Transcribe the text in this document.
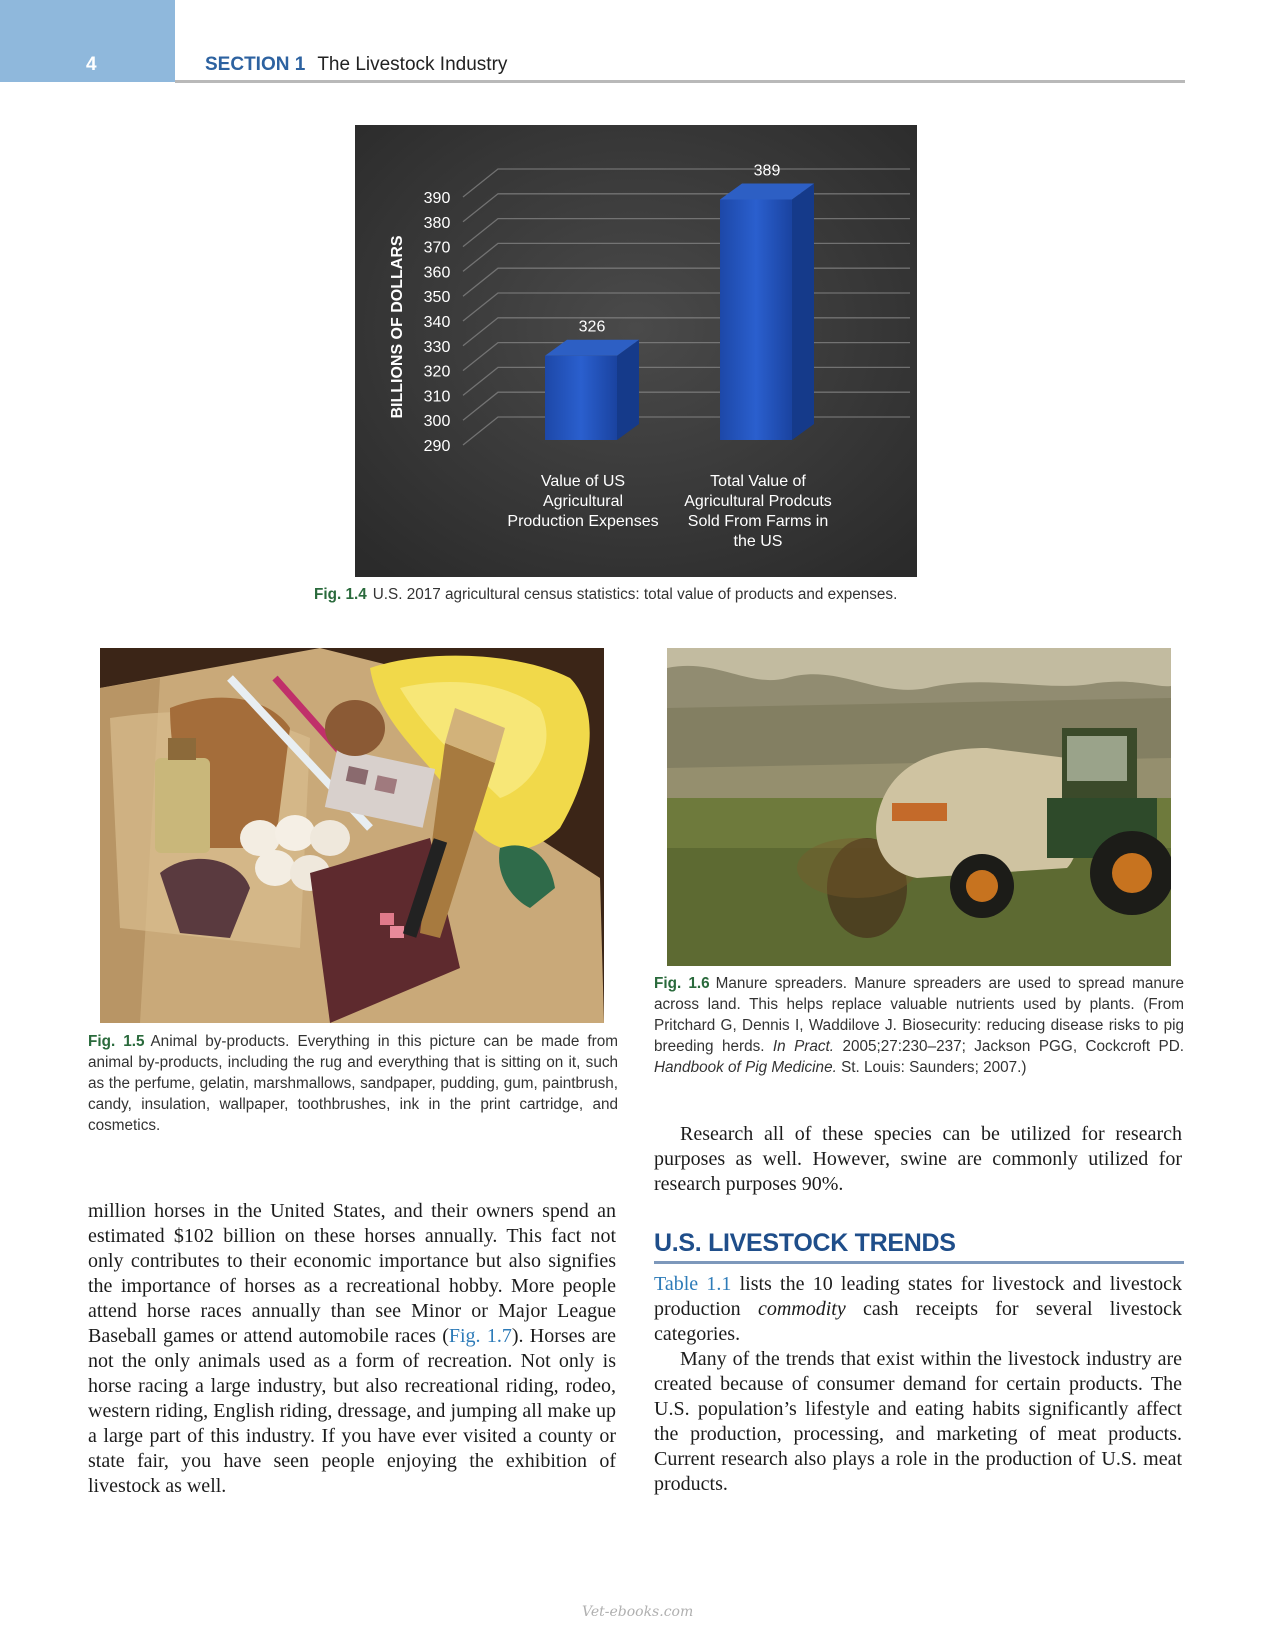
4	SECTION 1 The Livestock Industry
290
300
310
320
330
340
350
360
370
380
390
BILLIONS OF DOLLARS	326
Value of US Agricultural Production Expenses
389
Total Value of Agricultural Prodcuts Sold From Farms in the US
Fig. 1.4 U.S. 2017 agricultural census statistics: total value of products and expenses.
Fig. 1.5 Animal by-products. Everything in this picture can be made from animal by-products, including the rug and everything that is sitting on it, such as the perfume, gelatin, marshmallows, sandpaper, pudding, gum, paintbrush, candy, insulation, wallpaper, toothbrushes, ink in the print cartridge, and cosmetics.
Fig. 1.6 Manure spreaders. Manure spreaders are used to spread manure across land. This helps replace valuable nutrients used by plants. (From Pritchard G, Dennis I, Waddilove J. Biosecurity: reducing disease risks to pig breeding herds. In Pract. 2005;27:230–237; Jackson PGG, Cockcroft PD. Handbook of Pig Medicine. St. Louis: Saunders; 2007.)

million horses in the United States, and their owners spend an estimated $102 billion on these horses annually. This fact not only contributes to their economic importance but also signifies the importance of horses as a recreational hobby. More people attend horse races annually than see Minor or Major League Baseball games or attend automobile races (Fig. 1.7). Horses are not the only animals used as a form of recreation. Not only is horse racing a large industry, but also recreational riding, rodeo, western riding, English riding, dressage, and jumping all make up a large part of this industry. If you have ever visited a county or state fair, you have seen people enjoying the exhibition of livestock as well.

Research all of these species can be utilized for research purposes as well. However, swine are commonly utilized for research purposes 90%.

U.S. LIVESTOCK TRENDS

Table 1.1 lists the 10 leading states for livestock and livestock production commodity cash receipts for several livestock categories.

Many of the trends that exist within the livestock industry are created because of consumer demand for certain products. The U.S. population’s lifestyle and eating habits significantly affect the production, processing, and marketing of meat products. Current research also plays a role in the production of U.S. meat products.

Vet-ebooks.com
